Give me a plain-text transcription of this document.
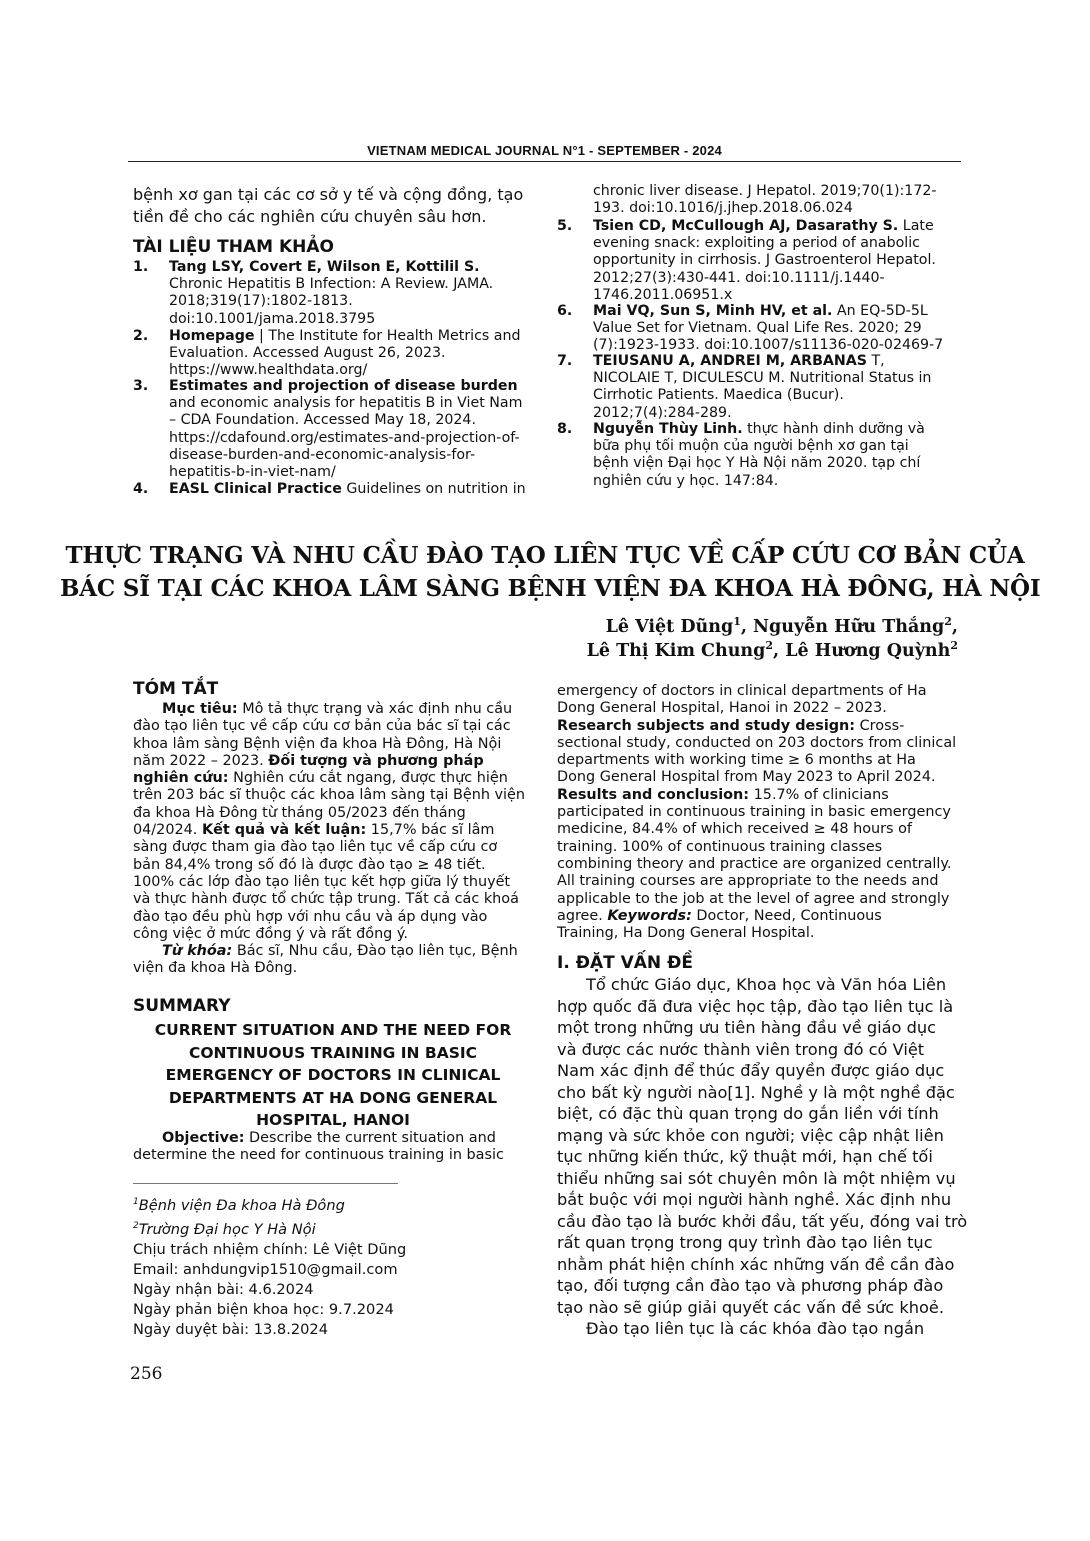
VIETNAM MEDICAL JOURNAL N°1 - SEPTEMBER - 2024
bệnh xơ gan tại các cơ sở y tế và cộng đồng, tạo
tiền đề cho các nghiên cứu chuyên sâu hơn.
TÀI LIỆU THAM KHẢO
1. Tang LSY, Covert E, Wilson E, Kottilil S.
Chronic Hepatitis B Infection: A Review. JAMA.
2018;319(17):1802-1813.
doi:10.1001/jama.2018.3795
2. Homepage | The Institute for Health Metrics and
Evaluation. Accessed August 26, 2023.
https://www.healthdata.org/
3. Estimates and projection of disease burden
and economic analysis for hepatitis B in Viet Nam
– CDA Foundation. Accessed May 18, 2024.
https://cdafound.org/estimates-and-projection-of-
disease-burden-and-economic-analysis-for-
hepatitis-b-in-viet-nam/
4. EASL Clinical Practice Guidelines on nutrition in
chronic liver disease. J Hepatol. 2019;70(1):172-
193. doi:10.1016/j.jhep.2018.06.024
5. Tsien CD, McCullough AJ, Dasarathy S. Late
evening snack: exploiting a period of anabolic
opportunity in cirrhosis. J Gastroenterol Hepatol.
2012;27(3):430-441. doi:10.1111/j.1440-
1746.2011.06951.x
6. Mai VQ, Sun S, Minh HV, et al. An EQ-5D-5L
Value Set for Vietnam. Qual Life Res. 2020; 29
(7):1923-1933. doi:10.1007/s11136-020-02469-7
7. TEIUSANU A, ANDREI M, ARBANAS T,
NICOLAIE T, DICULESCU M. Nutritional Status in
Cirrhotic Patients. Maedica (Bucur).
2012;7(4):284-289.
8. Nguyễn Thùy Linh. thực hành dinh dưỡng và
bữa phụ tối muộn của người bệnh xơ gan tại
bệnh viện Đại học Y Hà Nội năm 2020. tạp chí
nghiên cứu y học. 147:84.
THỰC TRẠNG VÀ NHU CẦU ĐÀO TẠO LIÊN TỤC VỀ CẤP CỨU CƠ BẢN CỦA
BÁC SĨ TẠI CÁC KHOA LÂM SÀNG BỆNH VIỆN ĐA KHOA HÀ ĐÔNG, HÀ NỘI
Lê Việt Dũng$^1$, Nguyễn Hữu Thắng$^2$,
Lê Thị Kim Chung$^2$, Lê Hương Quỳnh$^2$
TÓM TẮT
Mục tiêu: Mô tả thực trạng và xác định nhu cầu
đào tạo liên tục về cấp cứu cơ bản của bác sĩ tại các
khoa lâm sàng Bệnh viện đa khoa Hà Đông, Hà Nội
năm 2022 – 2023. Đối tượng và phương pháp
nghiên cứu: Nghiên cứu cắt ngang, được thực hiện
trên 203 bác sĩ thuộc các khoa lâm sàng tại Bệnh viện
đa khoa Hà Đông từ tháng 05/2023 đến tháng
04/2024. Kết quả và kết luận: 15,7% bác sĩ lâm
sàng được tham gia đào tạo liên tục về cấp cứu cơ
bản 84,4% trong số đó là được đào tạo ≥ 48 tiết.
100% các lớp đào tạo liên tục kết hợp giữa lý thuyết
và thực hành được tổ chức tập trung. Tất cả các khoá
đào tạo đều phù hợp với nhu cầu và áp dụng vào
công việc ở mức đồng ý và rất đồng ý.
Từ khóa: Bác sĩ, Nhu cầu, Đào tạo liên tục, Bệnh
viện đa khoa Hà Đông.
SUMMARY
CURRENT SITUATION AND THE NEED FOR
CONTINUOUS TRAINING IN BASIC
EMERGENCY OF DOCTORS IN CLINICAL
DEPARTMENTS AT HA DONG GENERAL
HOSPITAL, HANOI
Objective: Describe the current situation and
determine the need for continuous training in basic
emergency of doctors in clinical departments of Ha
Dong General Hospital, Hanoi in 2022 – 2023.
Research subjects and study design: Cross-
sectional study, conducted on 203 doctors from clinical
departments with working time ≥ 6 months at Ha
Dong General Hospital from May 2023 to April 2024.
Results and conclusion: 15.7% of clinicians
participated in continuous training in basic emergency
medicine, 84.4% of which received ≥ 48 hours of
training. 100% of continuous training classes
combining theory and practice are organized centrally.
All training courses are appropriate to the needs and
applicable to the job at the level of agree and strongly
agree. Keywords: Doctor, Need, Continuous
Training, Ha Dong General Hospital.
I. ĐẶT VẤN ĐỀ
Tổ chức Giáo dục, Khoa học và Văn hóa Liên
hợp quốc đã đưa việc học tập, đào tạo liên tục là
một trong những ưu tiên hàng đầu về giáo dục
và được các nước thành viên trong đó có Việt
Nam xác định để thúc đẩy quyền được giáo dục
cho bất kỳ người nào[1]. Nghề y là một nghề đặc
biệt, có đặc thù quan trọng do gắn liền với tính
mạng và sức khỏe con người; việc cập nhật liên
tục những kiến thức, kỹ thuật mới, hạn chế tối
thiểu những sai sót chuyên môn là một nhiệm vụ
bắt buộc với mọi người hành nghề. Xác định nhu
cầu đào tạo là bước khởi đầu, tất yếu, đóng vai trò
rất quan trọng trong quy trình đào tạo liên tục
nhằm phát hiện chính xác những vấn đề cần đào
tạo, đối tượng cần đào tạo và phương pháp đào
tạo nào sẽ giúp giải quyết các vấn đề sức khoẻ.
Đào tạo liên tục là các khóa đào tạo ngắn
$^1$Bệnh viện Đa khoa Hà Đông
$^2$Trường Đại học Y Hà Nội
Chịu trách nhiệm chính: Lê Việt Dũng
Email: anhdungvip1510@gmail.com
Ngày nhận bài: 4.6.2024
Ngày phản biện khoa học: 9.7.2024
Ngày duyệt bài: 13.8.2024
256
